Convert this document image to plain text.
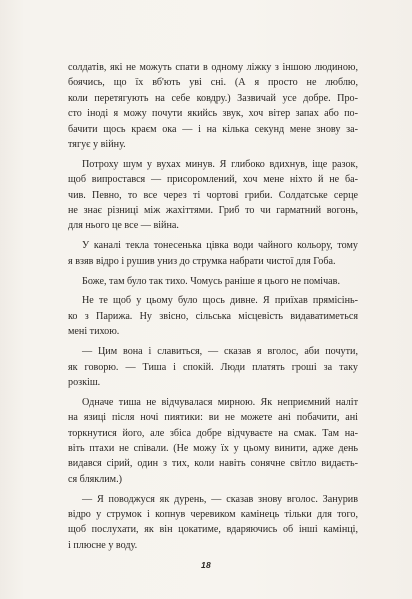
солдатів, які не можуть спати в одному ліжку з іншою людиною,
боячись, що їх вб'ють уві сні. (А я просто не люблю,
коли перетягують на себе ковдру.) Зазвичай усе добре. Про-
сто іноді я можу почути якийсь звук, хоч вітер запах або по-
бачити щось краєм ока — і на кілька секунд мене знову за-
тягує у війну.
Потроху шум у вухах минув. Я глибоко вдихнув, іще разок,
щоб випростався — присоромлений, хоч мене ніхто й не ба-
чив. Певно, то все через ті чортові гриби. Солдатське серце
не знає різниці між жахіттями. Гриб то чи гарматний вогонь,
для нього це все — війна.
У каналі текла тонесенька цівка води чайного кольору, тому
я взяв відро і рушив униз до струмка набрати чистої для Гоба.
Боже, там було так тихо. Чомусь раніше я цього не помічав.
Не те щоб у цьому було щось дивне. Я приїхав прямісінь-
ко з Парижа. Ну звісно, сільська місцевість видаватиметься
мені тихою.
— Цим вона і славиться, — сказав я вголос, аби почути,
як говорю. — Тиша і спокій. Люди платять гроші за таку
розкіш.
Одначе тиша не відчувалася мирною. Як неприємний наліт
на язиці після ночі пиятики: ви не можете ані побачити, ані
торкнутися його, але збіса добре відчуваєте на смак. Там на-
віть птахи не співали. (Не можу їх у цьому винити, адже день
видався сірий, один з тих, коли навіть сонячне світло видаєть-
ся бляклим.)
— Я поводжуся як дурень, — сказав знову вголос. Занурив
відро у струмок і копнув черевиком камінець тільки для того,
щоб послухати, як він цокатиме, вдаряючись об інші камінці,
і плюсне у воду.
18
